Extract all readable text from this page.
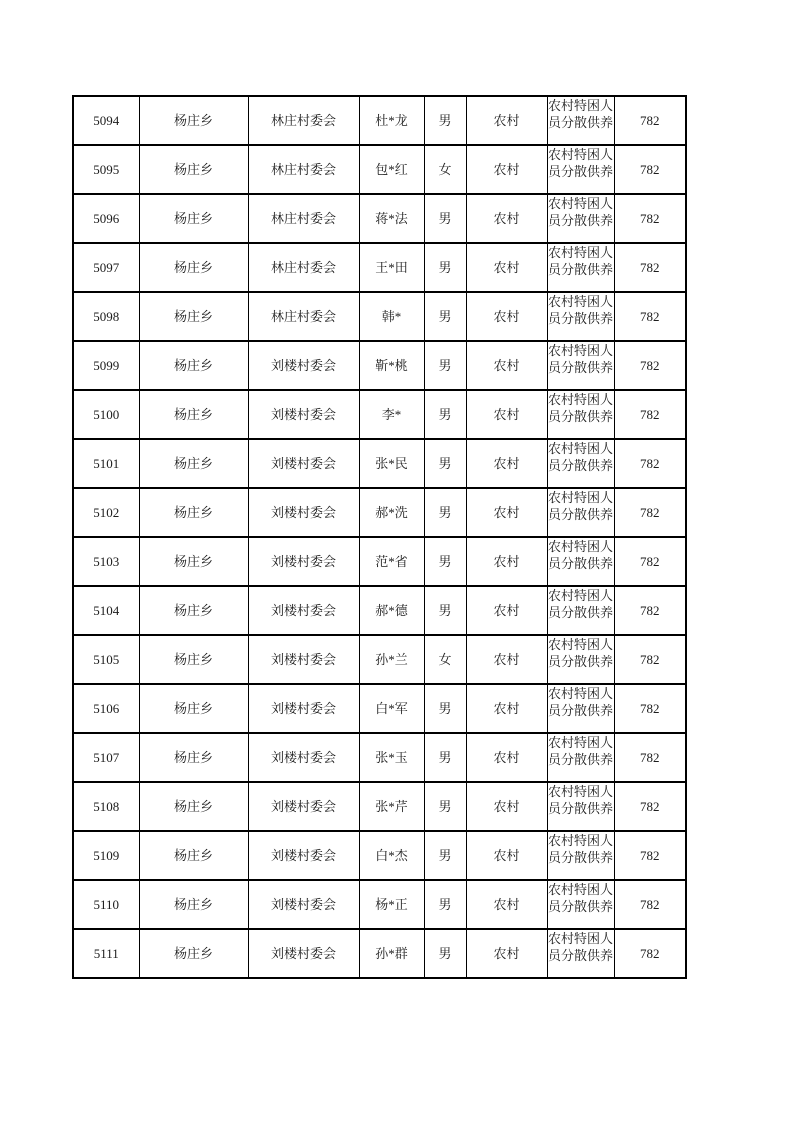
5094	杨庄乡	林庄村委会	杜*龙	男	农村	农村特困人员分散供养	782

5095	杨庄乡	林庄村委会	包*红	女	农村	农村特困人员分散供养	782

5096	杨庄乡	林庄村委会	蒋*法	男	农村	农村特困人员分散供养	782

5097	杨庄乡	林庄村委会	王*田	男	农村	农村特困人员分散供养	782

5098	杨庄乡	林庄村委会	韩*	男	农村	农村特困人员分散供养	782

5099	杨庄乡	刘楼村委会	靳*桃	男	农村	农村特困人员分散供养	782

5100	杨庄乡	刘楼村委会	李*	男	农村	农村特困人员分散供养	782

5101	杨庄乡	刘楼村委会	张*民	男	农村	农村特困人员分散供养	782

5102	杨庄乡	刘楼村委会	郝*洗	男	农村	农村特困人员分散供养	782

5103	杨庄乡	刘楼村委会	范*省	男	农村	农村特困人员分散供养	782

5104	杨庄乡	刘楼村委会	郝*德	男	农村	农村特困人员分散供养	782

5105	杨庄乡	刘楼村委会	孙*兰	女	农村	农村特困人员分散供养	782

5106	杨庄乡	刘楼村委会	白*军	男	农村	农村特困人员分散供养	782

5107	杨庄乡	刘楼村委会	张*玉	男	农村	农村特困人员分散供养	782

5108	杨庄乡	刘楼村委会	张*芹	男	农村	农村特困人员分散供养	782

5109	杨庄乡	刘楼村委会	白*杰	男	农村	农村特困人员分散供养	782

5110	杨庄乡	刘楼村委会	杨*正	男	农村	农村特困人员分散供养	782

5111	杨庄乡	刘楼村委会	孙*群	男	农村	农村特困人员分散供养	782
